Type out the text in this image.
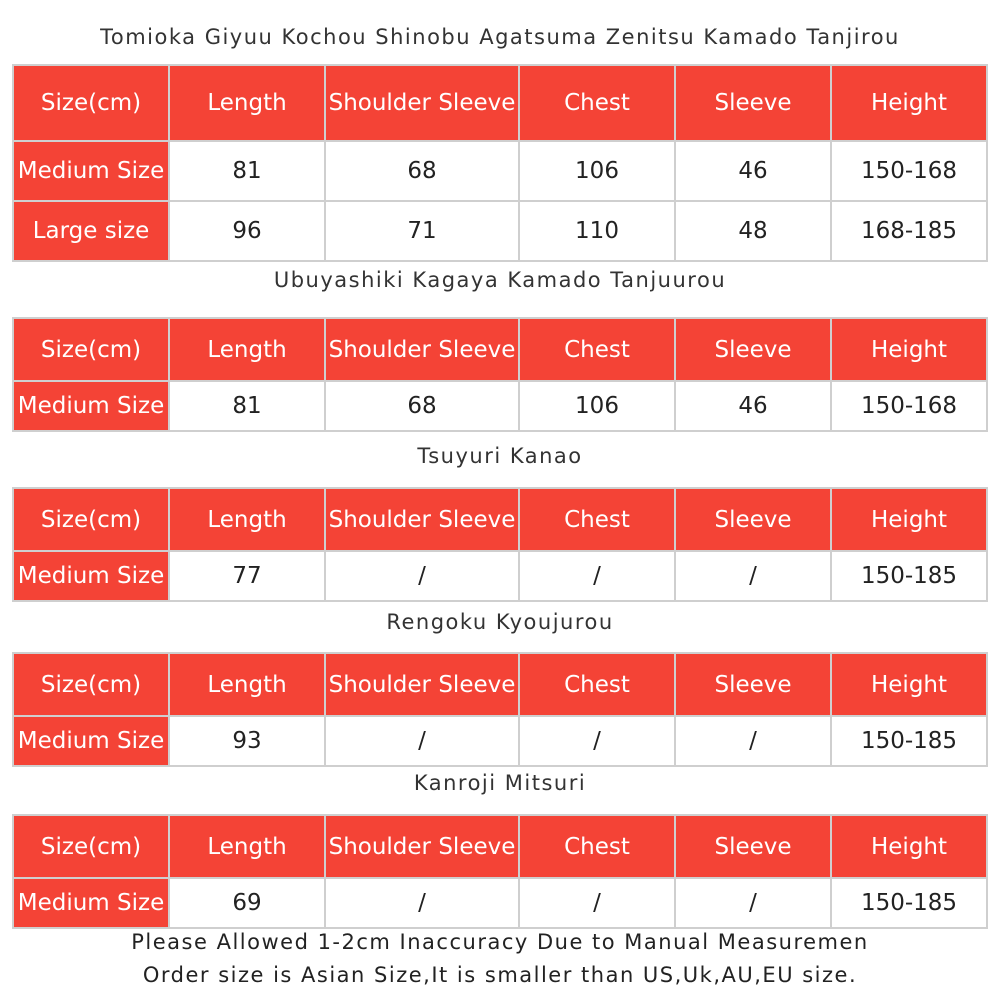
Tomioka Giyuu Kochou Shinobu Agatsuma Zenitsu Kamado Tanjirou
Size(cm)	Length	Shoulder Sleeve	Chest	Sleeve	Height
Medium Size	81	68	106	46	150-168
Large size	96	71	110	48	168-185
Ubuyashiki Kagaya Kamado Tanjuurou
Size(cm)	Length	Shoulder Sleeve	Chest	Sleeve	Height
Medium Size	81	68	106	46	150-168
Tsuyuri Kanao
Size(cm)	Length	Shoulder Sleeve	Chest	Sleeve	Height
Medium Size	77	/	/	/	150-185
Rengoku Kyoujurou
Size(cm)	Length	Shoulder Sleeve	Chest	Sleeve	Height
Medium Size	93	/	/	/	150-185
Kanroji Mitsuri
Size(cm)	Length	Shoulder Sleeve	Chest	Sleeve	Height
Medium Size	69	/	/	/	150-185
Please Allowed 1-2cm Inaccuracy Due to Manual Measuremen
Order size is Asian Size,It is smaller than US,Uk,AU,EU size.
